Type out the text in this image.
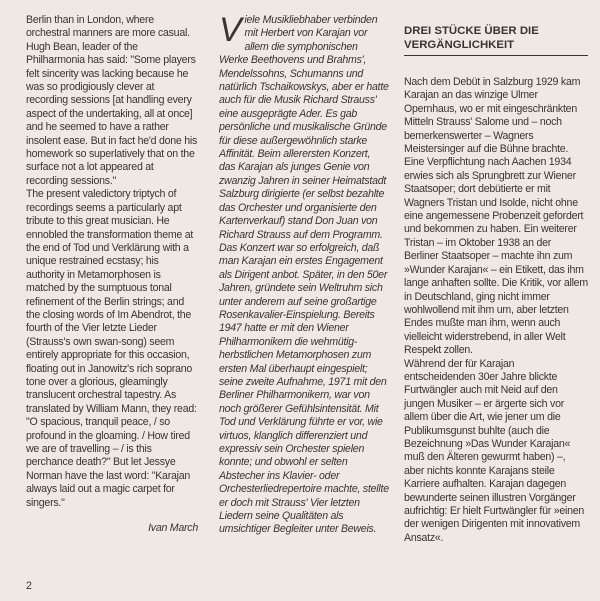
Berlin than in London, where orchestral manners are more casual. Hugh Bean, leader of the Philharmonia has said: "Some players felt sincerity was lacking because he was so prodigiously clever at recording sessions [at handling every aspect of the undertaking, all at once] and he seemed to have a rather insolent ease. But in fact he'd done his homework so superlatively that on the surface not a lot appeared at recording sessions."

The present valedictory triptych of recordings seems a particularly apt tribute to this great musician. He ennobled the transformation theme at the end of Tod und Verklärung with a unique restrained ecstasy; his authority in Metamorphosen is matched by the sumptuous tonal refinement of the Berlin strings; and the closing words of Im Abendrot, the fourth of the Vier letzte Lieder (Strauss's own swan-song) seem entirely appropriate for this occasion, floating out in Janowitz's rich soprano tone over a glorious, gleamingly translucent orchestral tapestry. As translated by William Mann, they read: "O spacious, tranquil peace, / so profound in the gloaming. / How tired we are of travelling – / is this perchance death?" But let Jessye Norman have the last word: "Karajan always laid out a magic carpet for singers."

Ivan March

Viele Musikliebhaber verbinden mit Herbert von Karajan vor allem die symphonischen Werke Beethovens und Brahms', Mendelssohns, Schumanns und natürlich Tschaikowskys, aber er hatte auch für die Musik Richard Strauss' eine ausgeprägte Ader. Es gab persönliche und musikalische Gründe für diese außergewöhnlich starke Affinität. Beim allerersten Konzert, das Karajan als junges Genie von zwanzig Jahren in seiner Heimatstadt Salzburg dirigierte (er selbst bezahlte das Orchester und organisierte den Kartenverkauf) stand Don Juan von Richard Strauss auf dem Programm. Das Konzert war so erfolgreich, daß man Karajan ein erstes Engagement als Dirigent anbot. Später, in den 50er Jahren, gründete sein Weltruhm sich unter anderem auf seine großartige Rosenkavalier-Einspielung. Bereits 1947 hatte er mit den Wiener Philharmonikern die wehmütig-herbstlichen Metamorphosen zum ersten Mal überhaupt eingespielt; seine zweite Aufnahme, 1971 mit den Berliner Philharmonikern, war von noch größerer Gefühlsintensität. Mit Tod und Verklärung führte er vor, wie virtuos, klanglich differenziert und expressiv sein Orchester spielen konnte; und obwohl er selten Abstecher ins Klavier- oder Orchesterliedrepertoire machte, stellte er doch mit Strauss' Vier letzten Liedern seine Qualitäten als umsichtiger Begleiter unter Beweis.

DREI STÜCKE ÜBER DIE VERGÄNGLICHKEIT

Nach dem Debüt in Salzburg 1929 kam Karajan an das winzige Ulmer Opernhaus, wo er mit eingeschränkten Mitteln Strauss' Salome und – noch bemerkenswerter – Wagners Meistersinger auf die Bühne brachte. Eine Verpflichtung nach Aachen 1934 erwies sich als Sprungbrett zur Wiener Staatsoper; dort debütierte er mit Wagners Tristan und Isolde, nicht ohne eine angemessene Probenzeit gefordert und bekommen zu haben. Ein weiterer Tristan – im Oktober 1938 an der Berliner Staatsoper – machte ihn zum »Wunder Karajan« – ein Etikett, das ihm lange anhaften sollte. Die Kritik, vor allem in Deutschland, ging nicht immer wohlwollend mit ihm um, aber letzten Endes mußte man ihm, wenn auch vielleicht widerstrebend, in aller Welt Respekt zollen.

Während der für Karajan entscheidenden 30er Jahre blickte Furtwängler auch mit Neid auf den jungen Musiker – er ärgerte sich vor allem über die Art, wie jener um die Publikumsgunst buhlte (auch die Bezeichnung »Das Wunder Karajan« muß den Älteren gewurmt haben) –, aber nichts konnte Karajans steile Karriere aufhalten. Karajan dagegen bewunderte seinen illustren Vorgänger aufrichtig: Er hielt Furtwängler für »einen der wenigen Dirigenten mit innovativem Ansatz«.

2
